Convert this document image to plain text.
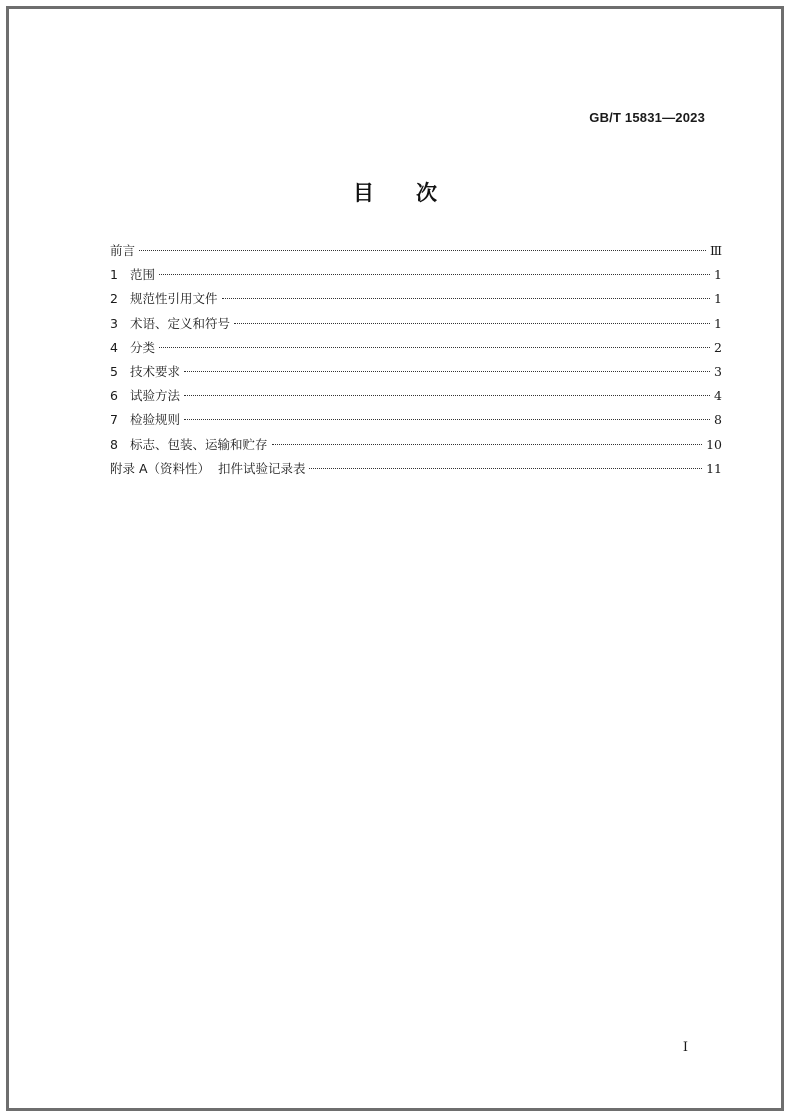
GB/T 15831—2023
目 次
前言	Ⅲ
1 范围	1
2 规范性引用文件	1
3 术语、定义和符号	1
4 分类	2
5 技术要求	3
6 试验方法	4
7 检验规则	8
8 标志、包装、运输和贮存	10
附录 A（资料性）  扣件试验记录表	11
I
